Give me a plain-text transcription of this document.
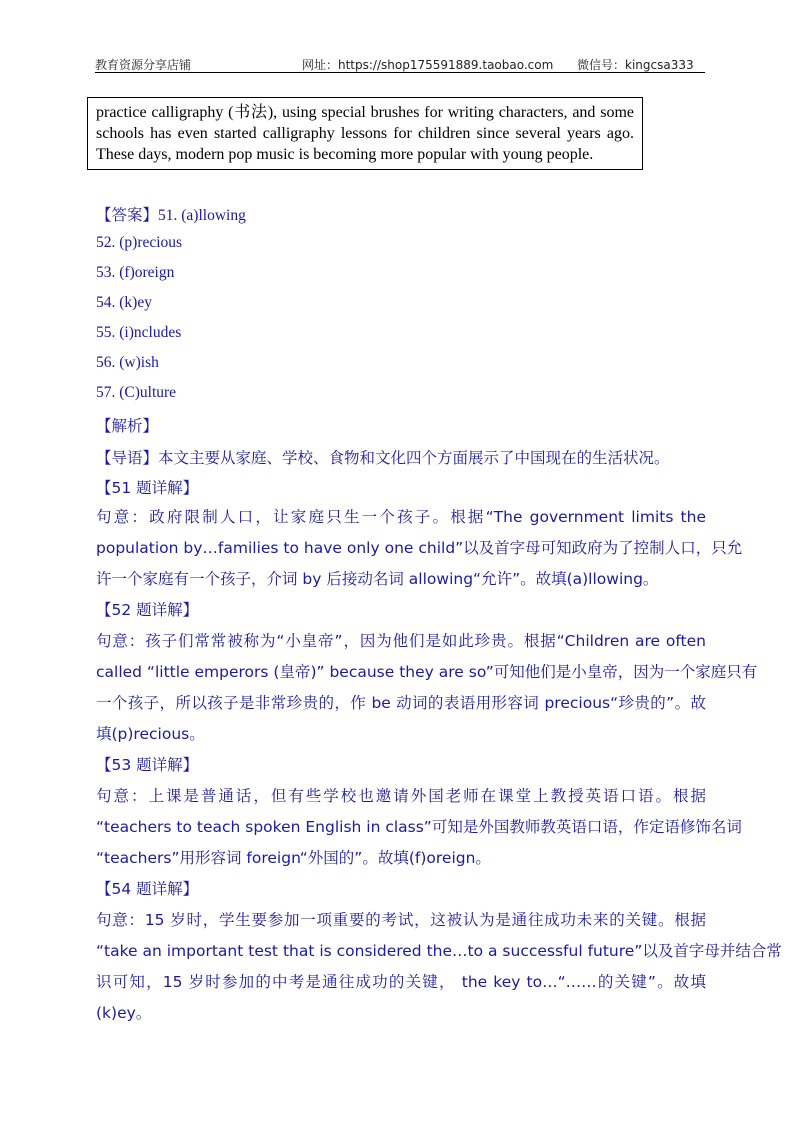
教育资源分享店铺	网址：https://shop175591889.taobao.com 微信号：kingcsa333
practice calligraphy (书法), using special brushes for writing characters, and some
schools has even started calligraphy lessons for children since several years ago.
These days, modern pop music is becoming more popular with young people.
【答案】51. (a)llowing
52. (p)recious
53. (f)oreign
54. (k)ey
55. (i)ncludes
56. (w)ish
57. (C)ulture
【解析】
【导语】本文主要从家庭、学校、食物和文化四个方面展示了中国现在的生活状况。
【51 题详解】
句意：政府限制人口，让家庭只生一个孩子。根据“The government limits the
population by…families to have only one child”以及首字母可知政府为了控制人口，只允
许一个家庭有一个孩子，介词 by 后接动名词 allowing“允许”。故填(a)llowing。
【52 题详解】
句意：孩子们常常被称为“小皇帝”，因为他们是如此珍贵。根据“Children are often
called “little emperors (皇帝)” because they are so”可知他们是小皇帝，因为一个家庭只有
一个孩子，所以孩子是非常珍贵的，作 be 动词的表语用形容词 precious“珍贵的”。故
填(p)recious。
【53 题详解】
句意：上课是普通话，但有些学校也邀请外国老师在课堂上教授英语口语。根据
“teachers to teach spoken English in class”可知是外国教师教英语口语，作定语修饰名词
“teachers”用形容词 foreign“外国的”。故填(f)oreign。
【54 题详解】
句意：15 岁时，学生要参加一项重要的考试，这被认为是通往成功未来的关键。根据
“take an important test that is considered the…to a successful future”以及首字母并结合常
识可知，15 岁时参加的中考是通往成功的关键， the key to…“……的关键”。故填
(k)ey。
